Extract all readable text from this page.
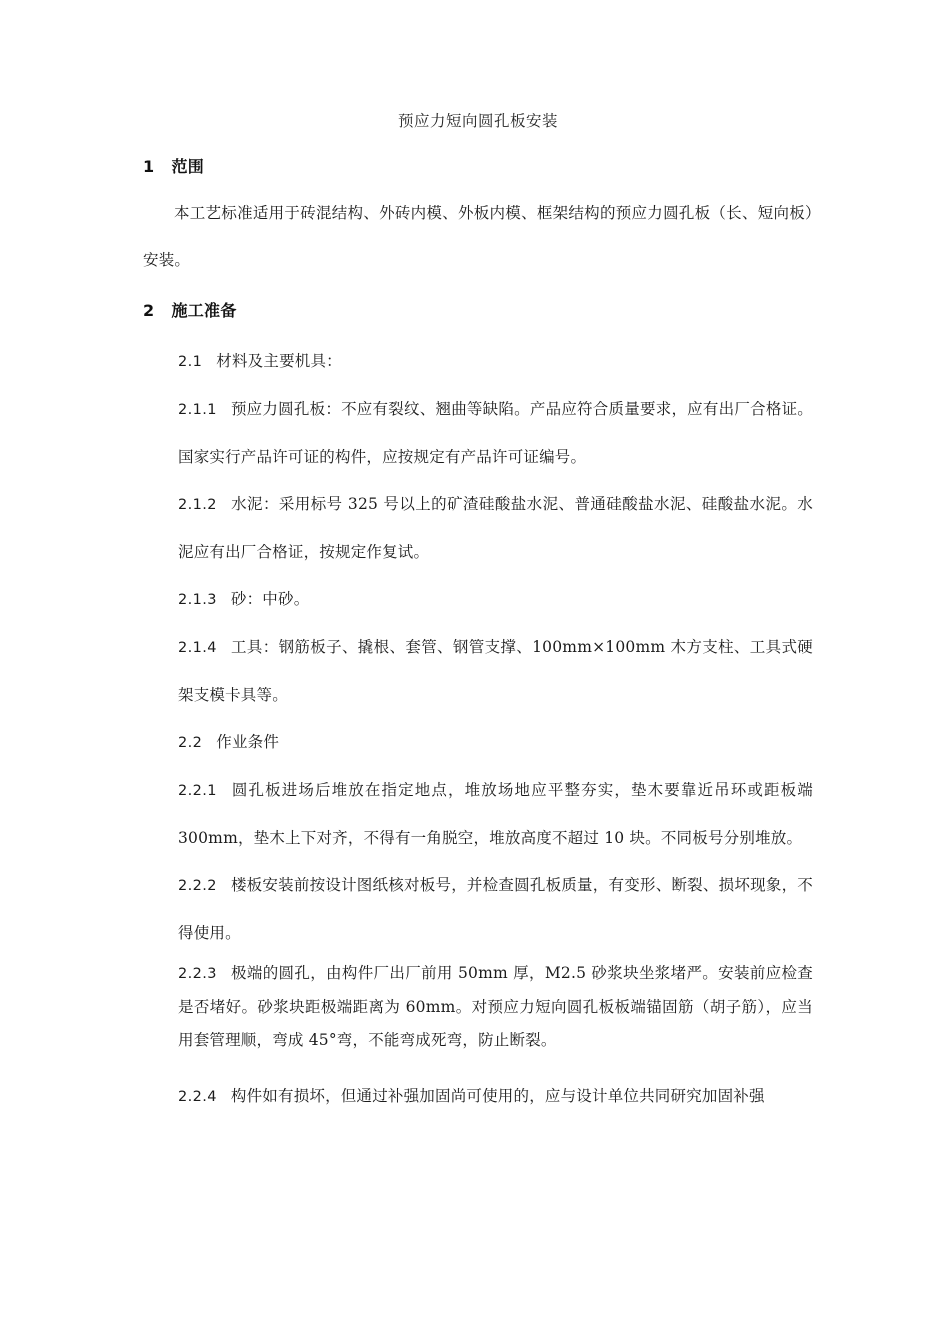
预应力短向圆孔板安装
1 范围

本工艺标准适用于砖混结构、外砖内模、外板内模、框架结构的预应力圆孔板（长、短向板）安装。

2 施工准备

2.1 材料及主要机具：

2.1.1 预应力圆孔板：不应有裂纹、翘曲等缺陷。产品应符合质量要求，应有出厂合格证。国家实行产品许可证的构件，应按规定有产品许可证编号。

2.1.2 水泥：采用标号 325 号以上的矿渣硅酸盐水泥、普通硅酸盐水泥、硅酸盐水泥。水泥应有出厂合格证，按规定作复试。

2.1.3 砂：中砂。

2.1.4 工具：钢筋板子、撬根、套管、钢管支撑、100mm×100mm 木方支柱、工具式硬架支模卡具等。

2.2 作业条件

2.2.1 圆孔板进场后堆放在指定地点，堆放场地应平整夯实，垫木要靠近吊环或距板端 300mm，垫木上下对齐，不得有一角脱空，堆放高度不超过 10 块。不同板号分别堆放。

2.2.2 楼板安装前按设计图纸核对板号，并检查圆孔板质量，有变形、断裂、损坏现象，不得使用。

2.2.3 极端的圆孔，由构件厂出厂前用 50mm 厚，M2.5 砂浆块坐浆堵严。安装前应检查是否堵好。砂浆块距极端距离为 60mm。对预应力短向圆孔板板端锚固筋（胡子筋），应当用套管理顺，弯成 45°弯，不能弯成死弯，防止断裂。

2.2.4 构件如有损坏，但通过补强加固尚可使用的，应与设计单位共同研究加固补强
